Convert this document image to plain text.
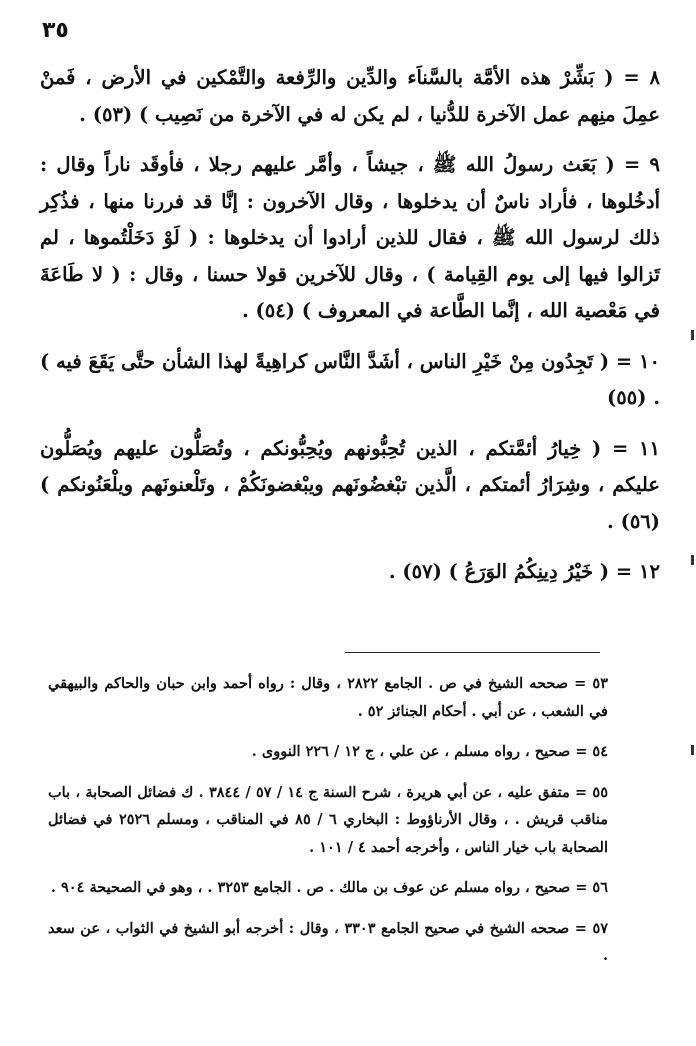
٣٥

٨ = ( بَشِّرْ هذه الأمَّة بالسَّناَء والدِّين والرِّفعة والتَّمْكين في الأرض ، فَمنْ عمِلَ منِهم عمل الآخرة للدُّنيا ، لم يكن له في الآخرة من نَصِيب ) (٥٣) .

٩ = ( بَعَث رسولُ الله ﷺ ، جيشاً ، وأمَّر عليهم رجلا ، فأوقَد ناراً وقال : أدخُلوها ، فأراد ناسٌ أن يدخلوها ، وقال الآخرون : إنَّا قد فررنا منها ، فذُكِر ذلك لرسول الله ﷺ ، فقال للذين أرادوا أن يدخلوها : ( لَوْ دَخَلْتُموها ، لم تَزالوا فيها إلى يوم القِيامة ) ، وقال للآخرين قولا حسنا ، وقال : ( لا طَاعَةَ في مَعْصية الله ، إنَّما الطَّاعة في المعروف ) (٥٤) .

١٠ = ( تَجِدُون مِنْ خَيْرِ الناس ، أشَدَّ النَّاس كراهِيةً لهذا الشأن حتَّى يَقَعَ فيه ) . (٥٥)

١١ = ( خِيارُ أئمَّتكم ، الذين تُحِبُّونهم ويُحِبُّونكم ، وتُصَلُّون عليهم ويُصَلُّون عليكم ، وشِرَارُ أئمتكم ، الَّذين تبْغضُونَهم ويبْغضونَكُمْ ، وتَلْعنونَهم ويلْعَنُونكم ) (٥٦) .

١٢ = ( خَيْرُ دِينِكُمُ الوَرَعُ ) (٥٧) .

٥٣ = صححه الشيخ في ص . الجامع ٢٨٢٢ ، وقال : رواه أحمد وابن حبان والحاكم والبيهقي في الشعب ، عن أبي . أحكام الجنائز ٥٢ .

٥٤ = صحيح ، رواه مسلم ، عن علي ، ج ١٢ / ٢٢٦ النووى .

٥٥ = متفق عليه ، عن أبي هريرة ، شرح السنة ج ١٤ / ٥٧ / ٣٨٤٤ . ك فضائل الصحابة ، باب مناقب قريش . ، وقال الأرناؤوط : البخاري ٦ / ٨٥ في المناقب ، ومسلم ٢٥٢٦ في فضائل الصحابة باب خيار الناس ، وأخرجه أحمد ٤ / ١٠١ .

٥٦ = صحيح ، رواه مسلم عن عوف بن مالك . ص . الجامع ٣٢٥٣ . ، وهو في الصحيحة ٩٠٤ .

٥٧ = صححه الشيخ في صحيح الجامع ٣٣٠٣ ، وقال : أخرجه أبو الشيخ في الثواب ، عن سعد .
